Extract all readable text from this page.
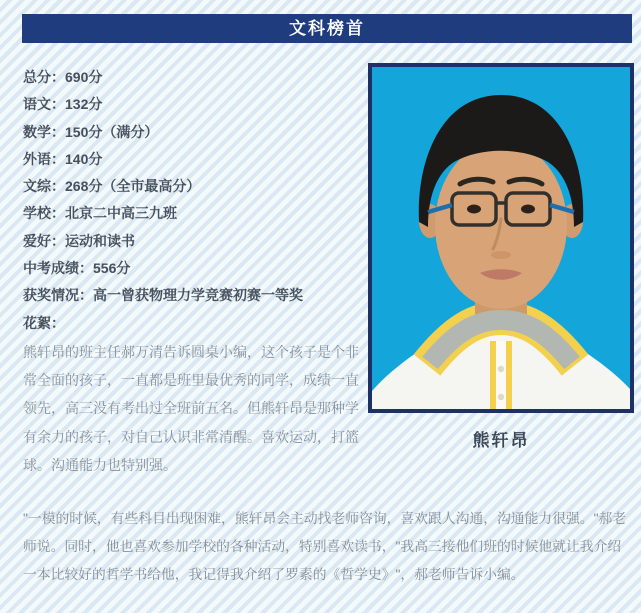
文科榜首
总分：690分
语文：132分
数学：150分（满分）
外语：140分
文综：268分（全市最高分）
学校：北京二中高三九班
爱好：运动和读书
中考成绩：556分
获奖情况：高一曾获物理力学竞赛初赛一等奖
花絮：
熊轩昂的班主任郝万清告诉圆桌小编，这个孩子是个非
常全面的孩子，一直都是班里最优秀的同学，成绩一直
领先，高三没有考出过全班前五名。但熊轩昂是那种学
有余力的孩子，对自己认识非常清醒。喜欢运动，打篮
球。沟通能力也特别强。
熊轩昂
"一模的时候，有些科目出现困难，熊轩昂会主动找老师咨询，喜欢跟人沟通，沟通能力很强。"郝老
师说。同时，他也喜欢参加学校的各种活动，特别喜欢读书，"我高三接他们班的时候他就让我介绍
一本比较好的哲学书给他，我记得我介绍了罗素的《哲学史》"，郝老师告诉小编。
